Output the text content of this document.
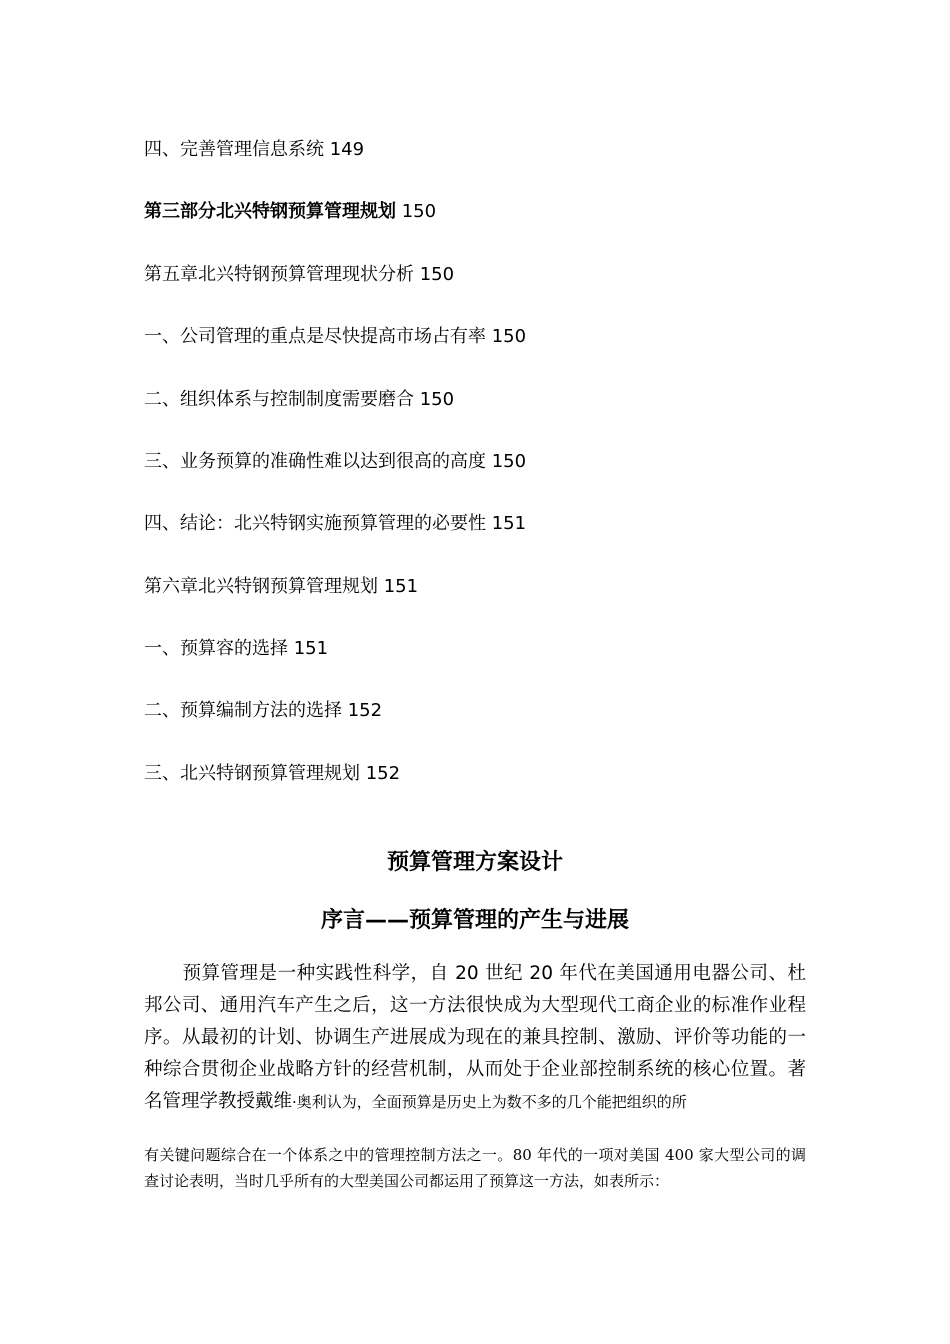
四、完善管理信息系统 149
第三部分北兴特钢预算管理规划 150
第五章北兴特钢预算管理现状分析 150
一、公司管理的重点是尽快提高市场占有率 150
二、组织体系与控制制度需要磨合 150
三、业务预算的准确性难以达到很高的高度 150
四、结论：北兴特钢实施预算管理的必要性 151
第六章北兴特钢预算管理规划 151
一、预算容的选择 151
二、预算编制方法的选择 152
三、北兴特钢预算管理规划 152
预算管理方案设计
序言——预算管理的产生与进展
预算管理是一种实践性科学，自 20 世纪 20 年代在美国通用电器公司、杜邦公司、通用汽车产生之后，这一方法很快成为大型现代工商企业的标准作业程序。从最初的计划、协调生产进展成为现在的兼具控制、激励、评价等功能的一种综合贯彻企业战略方针的经营机制，从而处于企业部控制系统的核心位置。著名管理学教授戴维·奥利认为，全面预算是历史上为数不多的几个能把组织的所
有关键问题综合在一个体系之中的管理控制方法之一。80 年代的一项对美国 400 家大型公司的调查讨论表明，当时几乎所有的大型美国公司都运用了预算这一方法，如表所示：
